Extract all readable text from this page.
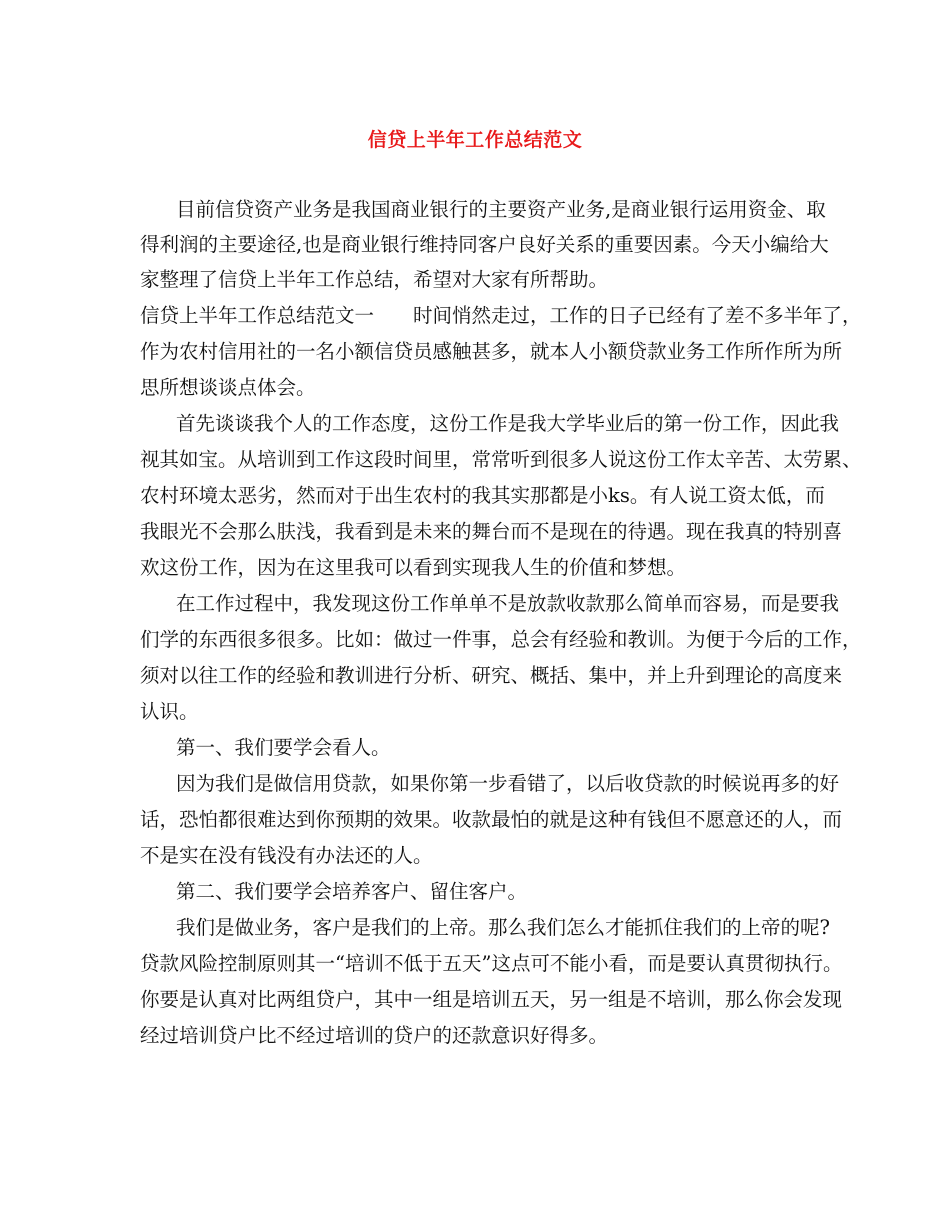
信贷上半年工作总结范文
目前信贷资产业务是我国商业银行的主要资产业务,是商业银行运用资金、取
得利润的主要途径,也是商业银行维持同客户良好关系的重要因素。今天小编给大
家整理了信贷上半年工作总结，希望对大家有所帮助。
信贷上半年工作总结范文一　　时间悄然走过，工作的日子已经有了差不多半年了，
作为农村信用社的一名小额信贷员感触甚多，就本人小额贷款业务工作所作所为所
思所想谈谈点体会。
首先谈谈我个人的工作态度，这份工作是我大学毕业后的第一份工作，因此我
视其如宝。从培训到工作这段时间里，常常听到很多人说这份工作太辛苦、太劳累、
农村环境太恶劣，然而对于出生农村的我其实那都是小ks。有人说工资太低，而
我眼光不会那么肤浅，我看到是未来的舞台而不是现在的待遇。现在我真的特别喜
欢这份工作，因为在这里我可以看到实现我人生的价值和梦想。
在工作过程中，我发现这份工作单单不是放款收款那么简单而容易，而是要我
们学的东西很多很多。比如：做过一件事，总会有经验和教训。为便于今后的工作，
须对以往工作的经验和教训进行分析、研究、概括、集中，并上升到理论的高度来
认识。
第一、我们要学会看人。
因为我们是做信用贷款，如果你第一步看错了，以后收贷款的时候说再多的好
话，恐怕都很难达到你预期的效果。收款最怕的就是这种有钱但不愿意还的人，而
不是实在没有钱没有办法还的人。
第二、我们要学会培养客户、留住客户。
我们是做业务，客户是我们的上帝。那么我们怎么才能抓住我们的上帝的呢?
贷款风险控制原则其一“培训不低于五天”这点可不能小看，而是要认真贯彻执行。
你要是认真对比两组贷户，其中一组是培训五天，另一组是不培训，那么你会发现
经过培训贷户比不经过培训的贷户的还款意识好得多。
